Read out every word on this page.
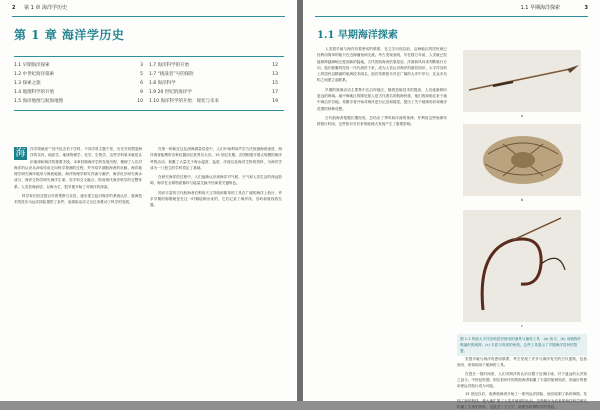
2 第 1 章 海洋学历史
第 1 章 海洋学历史
1.1 早期海洋探索	3 1.7 海洋科学的开始	12
1.2 中世纪海洋探索	5 1.7 “挑战者”号的探险	13
1.3 探索之旅	6 1.8 海洋科学	15
1.4 地理科学的开始	9 1.9 20 世纪的海洋学	17
1.5 海洋地图与航海地图	10 1.10 海洋科学的开始：现状与未来	19
海	洋学领域里“”其中包含若干学科，不同学科主题千差，历史共同塑造海洋的实体，地质学、地球物理学、化学、生物学，这些学科原本就是认识地球和海洋的重要手段。本章回顾海洋学的发展历程，梳理了人们对海洋的认识从神话传说走向科学观测的过程，并介绍早期航海者的贡献。海洋地理学研究海岸地形与海底地貌，海洋物理学研究洋流与潮汐，海洋化学研究海水成分，海洋生物学研究海洋生命。各学科交叉融合，构成现代海洋科学的完整体系。人类依海而居，以海为生，很早便开始了对海洋的探索。

科学家们经过数百年的观察与实验，逐步建立起对海洋的系统认识，航海技术的进步为远洋探险提供了条件，而探险活动又反过来推动了科学的发展。

在第一种新近以及深海测量结论中，人们开始利用声学方法探测海底深度，海洋调查船携带各种仪器前往世界各大洋。19 世纪末期，各国相继开展大规模的海洋考察活动，积累了大量关于海水温度、盐度、洋流以及海洋生物的资料，为海洋学成为一门独立的学科奠定了基础。

在研究海洋的过程中，人们逐渐认识到海洋对气候、天气和人类生活的深远影响，海洋在全球物质循环与能量交换中扮演着关键角色。

知识丰富的古代航海者们利用天文导航和简单的工具在广阔的海洋上航行，许多早期的海图就是在这一时期绘制出来的，它们记录了海岸线、岛屿和航线的位置。

1.1 早期海洋探索	3
1.1 早期海洋探索

人类很早就与海洋有着密切的联系。在文字出现以前，沿海地区的居民就已经利用简单的船只在近海捕鱼和交流。考古发现表明，早在数万年前，人类就已经能够跨越海峡迁徙到新的陆地。古代的航海者依靠星辰、洋流和风向来判断航行方向，他们积累的经验一代代流传下来，成为人类认识海洋的最初知识。太平洋岛屿上的居民以精湛的航海技术闻名，他们驾驶独木舟在广阔的大洋中穿行，在众多岛屿之间建立起联系。

早期的航海活动主要集中在沿岸地区，随着造船技术的提高，人们逐渐驶向更远的海域。地中海地区的腓尼基人是古代著名的航海民族，他们的商船往来于地中海沿岸各地。希腊学者开始对海洋进行记录和描述，提出了关于地球形状和海洋范围的种种设想。

古代航海者根据长期经验，总结出了季风和洋流的规律，并利用这些规律安排航行时间，这些知识对后来的地理大发现产生了重要影响。

a
b
c
图 1.1 传统太平洋岛屿居民使用的渔具与捕鱼工具：(a) 鱼叉；(b) 用植物纤维编织的渔网；(c) 木质与骨质的鱼钩。这些工具展示了早期海洋居民的智慧。

类很早就与海洋有密切联系，考古发现了许多与海洋有关的古代遗物，包括渔具、鱼钩和用于航海的工具。

在很长一段时间里，人们对海洋的认识仅限于近海区域，对于遥远的大洋知之甚少。中世纪时期，阿拉伯和中国的航海者积累了丰富的航海知识，指南针的使用使远洋航行成为可能。

15 世纪以后，欧洲航海者开始了一系列远洋探险，他们绘制了新的海图，发现了新的航线，极大地扩展了人类对地球的认识。这些航行为后来的海洋科学研究积累了宝贵的资料，也促进了天文学、地理学和博物学的发展。
